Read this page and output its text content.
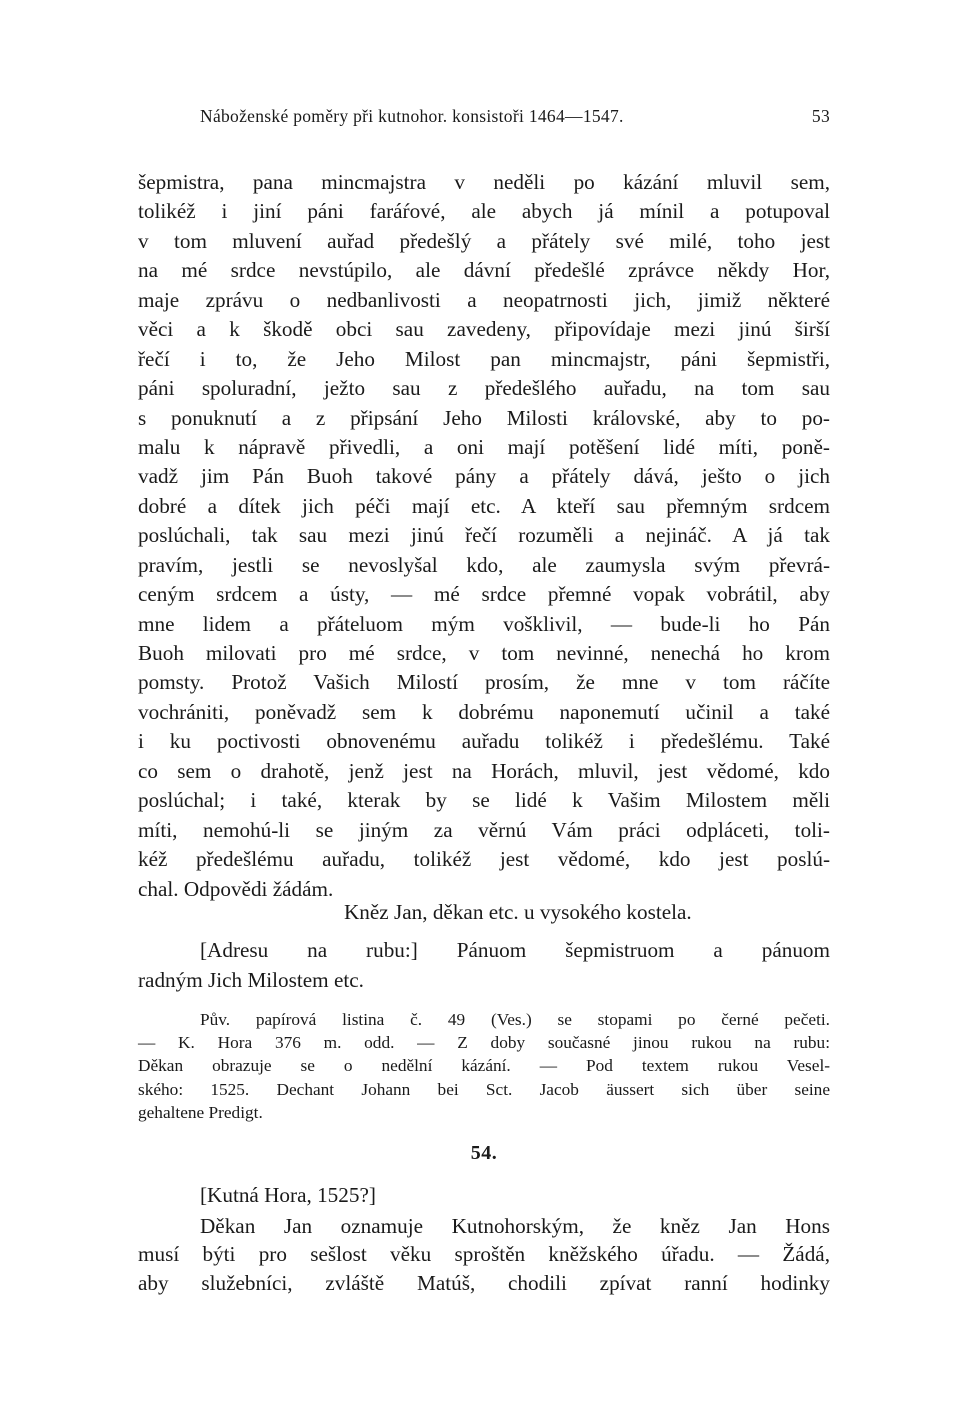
Náboženské poměry při kutnohor. konsistoři 1464—1547.	53
šepmistra, pana mincmajstra v neděli po kázání mluvil sem,
tolikéž i jiní páni faráŕové, ale abych já mínil a potupoval
v tom mluvení auřad předešlý a přátely své milé, toho jest
na mé srdce nevstúpilo, ale dávní předešlé zprávce někdy Hor,
maje zprávu o nedbanlivosti a neopatrnosti jich, jimiž některé
věci a k škodě obci sau zavedeny, připovídaje mezi jinú širší
řečí i to, že Jeho Milost pan mincmajstr, páni šepmistři,
páni spoluradní, ježto sau z předešlého auřadu, na tom sau
s ponuknutí a z připsání Jeho Milosti královské, aby to po-
malu k nápravě přivedli, a oni mají potěšení lidé míti, poně-
vadž jim Pán Buoh takové pány a přátely dává, ješto o jich
dobré a dítek jich péči mají etc. A kteří sau přemným srdcem
poslúchali, tak sau mezi jinú řečí rozuměli a nejináč. A já tak
pravím, jestli se nevoslyšal kdo, ale zaumysla svým převrá-
ceným srdcem a ústy, — mé srdce přemné vopak vobrátil, aby
mne lidem a přáteluom mým vošklivil, — bude-li ho Pán
Buoh milovati pro mé srdce, v tom nevinné, nenechá ho krom
pomsty. Protož Vašich Milostí prosím, že mne v tom ráčíte
vochrániti, poněvadž sem k dobrému naponemutí učinil a také
i ku poctivosti obnovenému auřadu tolikéž i předešlému. Také
co sem o drahotě, jenž jest na Horách, mluvil, jest vědomé, kdo
poslúchal; i také, kterak by se lidé k Vašim Milostem měli
míti, nemohú-li se jiným za věrnú Vám práci odpláceti, toli-
kéž předešlému auřadu, tolikéž jest vědomé, kdo jest poslú-
chal. Odpovědi žádám.
Kněz Jan, děkan etc. u vysokého kostela.
[Adresu na rubu:] Pánuom šepmistruom a pánuom
radným Jich Milostem etc.
Pův. papírová listina č. 49 (Ves.) se stopami po černé pečeti.
— K. Hora 376 m. odd. — Z doby současné jinou rukou na rubu:
Děkan obrazuje se o nedělní kázání. — Pod textem rukou Vesel-
ského: 1525. Dechant Johann bei Sct. Jacob äussert sich über seine
gehaltene Predigt.
54.
[Kutná Hora, 1525?]
Děkan Jan oznamuje Kutnohorským, že kněz Jan Hons
musí býti pro sešlost věku sproštěn kněžského úřadu. — Žádá,
aby služebníci, zvláště Matúš, chodili zpívat ranní hodinky
